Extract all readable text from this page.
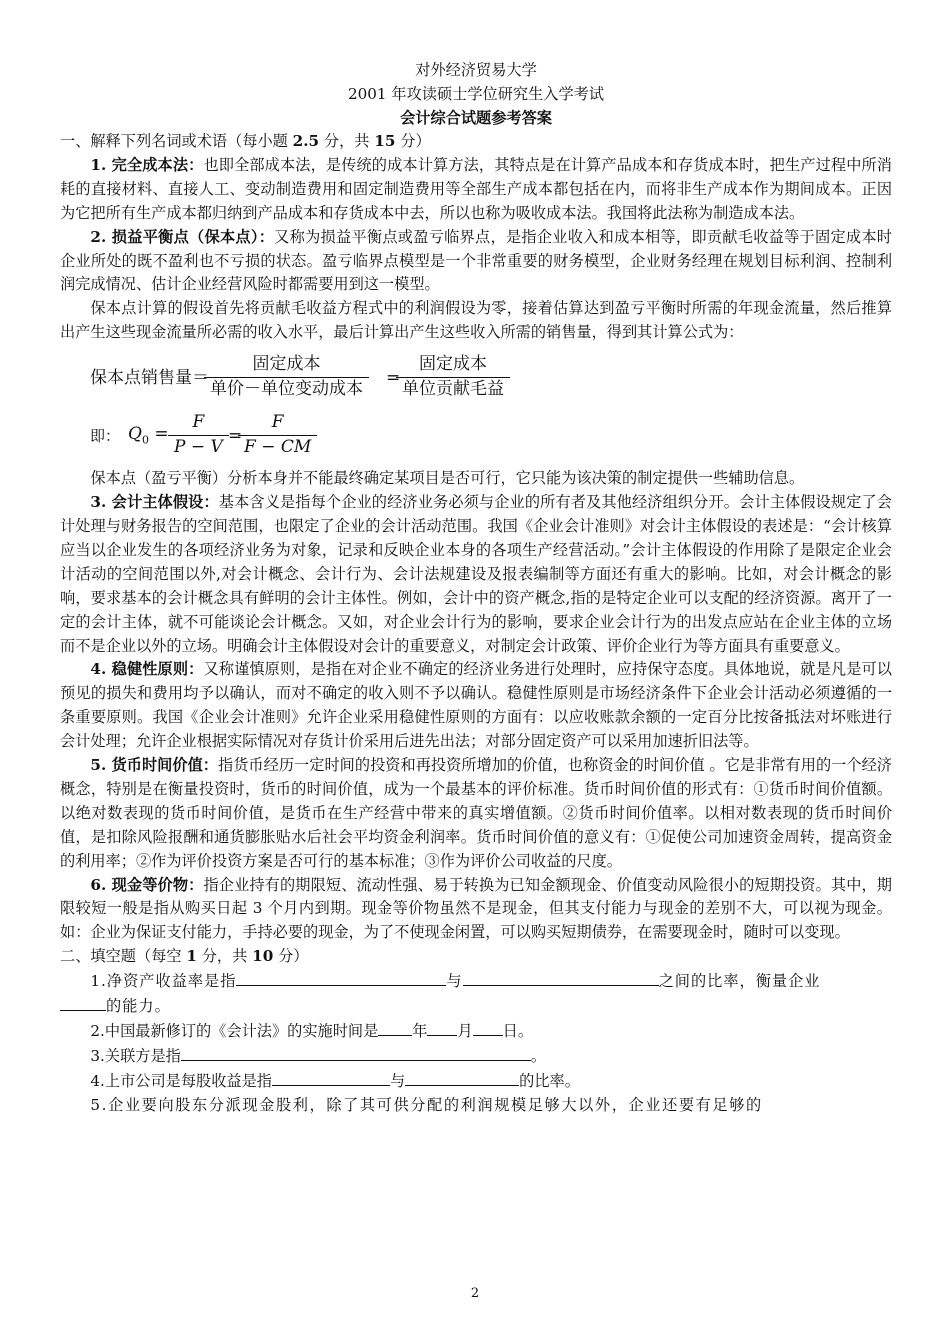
对外经济贸易大学
2001 年攻读硕士学位研究生入学考试
会计综合试题参考答案

一、解释下列名词或术语（每小题 2.5 分，共 15 分）

1. 完全成本法：也即全部成本法，是传统的成本计算方法，其特点是在计算产品成本和存货成本时，把生产过程中所消耗的直接材料、直接人工、变动制造费用和固定制造费用等全部生产成本都包括在内，而将非生产成本作为期间成本。正因为它把所有生产成本都归纳到产品成本和存货成本中去，所以也称为吸收成本法。我国将此法称为制造成本法。

2. 损益平衡点（保本点）：又称为损益平衡点或盈亏临界点，是指企业收入和成本相等，即贡献毛收益等于固定成本时企业所处的既不盈利也不亏损的状态。盈亏临界点模型是一个非常重要的财务模型，企业财务经理在规划目标利润、控制利润完成情况、估计企业经营风险时都需要用到这一模型。

保本点计算的假设首先将贡献毛收益方程式中的利润假设为零，接着估算达到盈亏平衡时所需的年现金流量，然后推算出产生这些现金流量所必需的收入水平，最后计算出产生这些收入所需的销售量，得到其计算公式为：

保本点销售量＝
固定成本
单价－单位变动成本
=
固定成本
单位贡献毛益
即： $Q_0 = \frac{F}{P - V}$ =
$\frac{F}{F - CM}$

保本点（盈亏平衡）分析本身并不能最终确定某项目是否可行，它只能为该决策的制定提供一些辅助信息。

3. 会计主体假设：基本含义是指每个企业的经济业务必须与企业的所有者及其他经济组织分开。会计主体假设规定了会计处理与财务报告的空间范围，也限定了企业的会计活动范围。我国《企业会计准则》对会计主体假设的表述是：“会计核算应当以企业发生的各项经济业务为对象，记录和反映企业本身的各项生产经营活动。”会计主体假设的作用除了是限定企业会计活动的空间范围以外,对会计概念、会计行为、会计法规建设及报表编制等方面还有重大的影响。比如，对会计概念的影响，要求基本的会计概念具有鲜明的会计主体性。例如，会计中的资产概念,指的是特定企业可以支配的经济资源。离开了一定的会计主体，就不可能谈论会计概念。又如，对企业会计行为的影响，要求企业会计行为的出发点应站在企业主体的立场而不是企业以外的立场。明确会计主体假设对会计的重要意义，对制定会计政策、评价企业行为等方面具有重要意义。

4. 稳健性原则：又称谨慎原则，是指在对企业不确定的经济业务进行处理时，应持保守态度。具体地说，就是凡是可以预见的损失和费用均予以确认，而对不确定的收入则不予以确认。稳健性原则是市场经济条件下企业会计活动必须遵循的一条重要原则。我国《企业会计准则》允许企业采用稳健性原则的方面有：以应收账款余额的一定百分比按备抵法对坏账进行会计处理；允许企业根据实际情况对存货计价采用后进先出法；对部分固定资产可以采用加速折旧法等。

5. 货币时间价值：指货币经历一定时间的投资和再投资所增加的价值，也称资金的时间价值 。它是非常有用的一个经济概念，特别是在衡量投资时，货币的时间价值，成为一个最基本的评价标准。货币时间价值的形式有：①货币时间价值额。以绝对数表现的货币时间价值，是货币在生产经营中带来的真实增值额。②货币时间价值率。以相对数表现的货币时间价值，是扣除风险报酬和通货膨胀贴水后社会平均资金利润率。货币时间价值的意义有：①促使公司加速资金周转，提高资金的利用率；②作为评价投资方案是否可行的基本标准；③作为评价公司收益的尺度。

6. 现金等价物：指企业持有的期限短、流动性强、易于转换为已知金额现金、价值变动风险很小的短期投资。其中，期限较短一般是指从购买日起 3 个月内到期。现金等价物虽然不是现金，但其支付能力与现金的差别不大，可以视为现金。如：企业为保证支付能力，手持必要的现金，为了不使现金闲置，可以购买短期债券，在需要现金时，随时可以变现。

二、填空题（每空 1 分，共 10 分）

1.净资产收益率是指	与	之间的比率，衡量企业
的能力。

2.中国最新修订的《会计法》的实施时间是 年 月 日。

3.关联方是指	。

4.上市公司是每股收益是指	与	的比率。

5.企业要向股东分派现金股利，除了其可供分配的利润规模足够大以外，企业还要有足够的

2
